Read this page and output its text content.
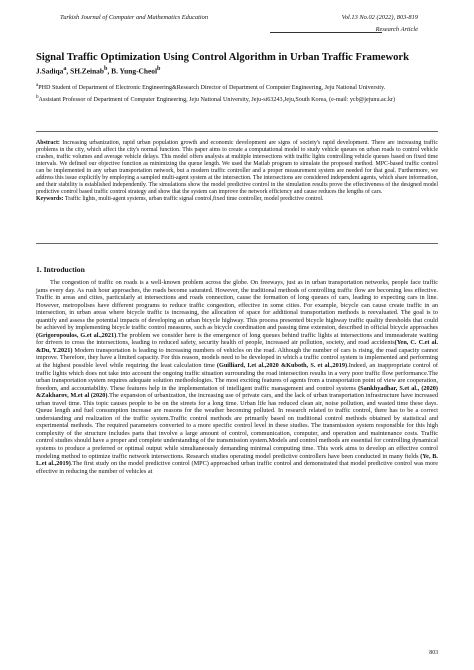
Turkish Journal of Computer and Mathematics Education	Vol.13 No.02 (2022), 803-819
Research Article
Signal Traffic Optimization Using Control Algorithm in Urban Traffic Framework
J.Sadiqa$^a$, SH.Zeinab$^b$, B. Yung-Cheol$^b$

$^a$PHD Student of Department of Electronic Engineering&Research Director of Department of Computer Engineering, Jeju National University.

$^b$Assistant Professor of Department of Computer Engineering, Jeju National University, Jeju-si63243,Jeju,South Korea, (e-mail: ycb@jejunu.ac.kr)

Abstract: Increasing urbanization, rapid urban population growth and economic development are signs of society's rapid development. There are increasing traffic problems in the city, which affect the city's normal function. This paper aims to create a computational model to study vehicle queues on urban roads to control vehicle crashes, traffic volumes and average vehicle delays. This model offers analysis at multiple intersections with traffic lights controlling vehicle queues based on fixed time intervals. We defined our objective function as minimizing the queue length. We used the Matlab program to simulate the proposed method. MPC-based traffic control can be implemented in any urban transportation network, but a modern traffic controller and a proper measurement system are needed for that goal. Furthermore, we address this issue explicitly by employing a sampled multi-agent system at the intersection. The intersections are considered independent agents, which share information, and their stability is established independently. The simulations show the model predictive control in the simulation results prove the effectiveness of the designed model predictive control based traffic control strategy and show that the system can improve the network efficiency and cause reduces the lengths of cars.

Keywords: Traffic lights, multi-agent systems, urban traffic signal control,fixed time controller, model predictive control.

1. Introduction

The congestion of traffic on roads is a well-known problem across the globe. On freeways, just as in urban transportation networks, people face traffic jams every day. As rush hour approaches, the roads become saturated. However, the traditional methods of controlling traffic flow are becoming less effective. Traffic in areas and cities, particularly at intersections and roads connection, cause the formation of long queues of cars, leading to expecting cars in line. However, metropolises have different programs to reduce traffic congestion, effective in some cities. For example, bicycle can cause create traffic in an intersection, in urban areas where bicycle traffic is increasing, the allocation of space for additional transportation methods is reevaluated. The goal is to quantify and assess the potential impacts of developing an urban bicycle highway. This process presented bicycle highway traffic quality thresholds that could be achieved by implementing bicycle traffic control measures, such as bicycle coordination and passing time extension, described in official bicycle approaches (Grigoropoulos, G.et al.,2021).The problem we consider here is the emergence of long queues behind traffic lights at intersections and immeaderate waiting for drivers to cross the intersections, leading to reduced safety, security health of people, increased air pollution, society, and road accidents(Yen, C. C.et al. &Du, Y.2021) Modern transportation is leading to increasing numbers of vehicles on the road. Although the number of cars is rising, the road capacity cannot improve. Therefore, they have a limited capacity. For this reason, models need to be developed in which a traffic control system is implemented and performing at the highest possible level while requiring the least calculation time (Guilliard, I.et al.,2020 &Kuboth, S. et al.,2019).Indeed, an inappropriate control of traffic lights which does not take into account the ongoing traffic situation surrounding the road intersection results in a very poor traffic flow performance.The urban transportation system requires adequate solution methodologies. The most exciting features of agents from a transportation point of view are cooperation, freedom, and accountability. These features help in the implementation of intelligent traffic management and control systems (Sankhyadhar, S.et al., (2020) &Zakharov, M.et al (2020).The expansion of urbanization, the increasing use of private cars, and the lack of urban transportation infrastructure have increased urban travel time. This topic causes people to be on the streets for a long time. Urban life has reduced clean air, noise pollution, and wasted time these days. Queue length and fuel consumption increase are reasons for the weather becoming polluted. In research related to traffic control, there has to be a correct understanding and realization of the traffic system.Traffic control methods are primarily based on traditional control methods obtained by statistical and experimental methods. The required parameters converted to a more specific control level in these studies. The transmission system responsible for this high complexity of the structure includes parts that involve a large amount of control, communication, computer, and operation and maintenance costs. Traffic control studies should have a proper and complete understanding of the transmission system.Models and control methods are essential for controlling dynamical systems to produce a preferred or optimal output while simultaneously demanding minimal computing time. This work aims to develop an effective control modeling method to optimize traffic network intersections. Research studies operating model predictive controllers have been conducted in many fields (Ye, B. L.et al.,2019).The first study on the model predictive control (MPC) approached urban traffic control and demonstrated that model predictive control was more effective in reducing the number of vehicles at

803
